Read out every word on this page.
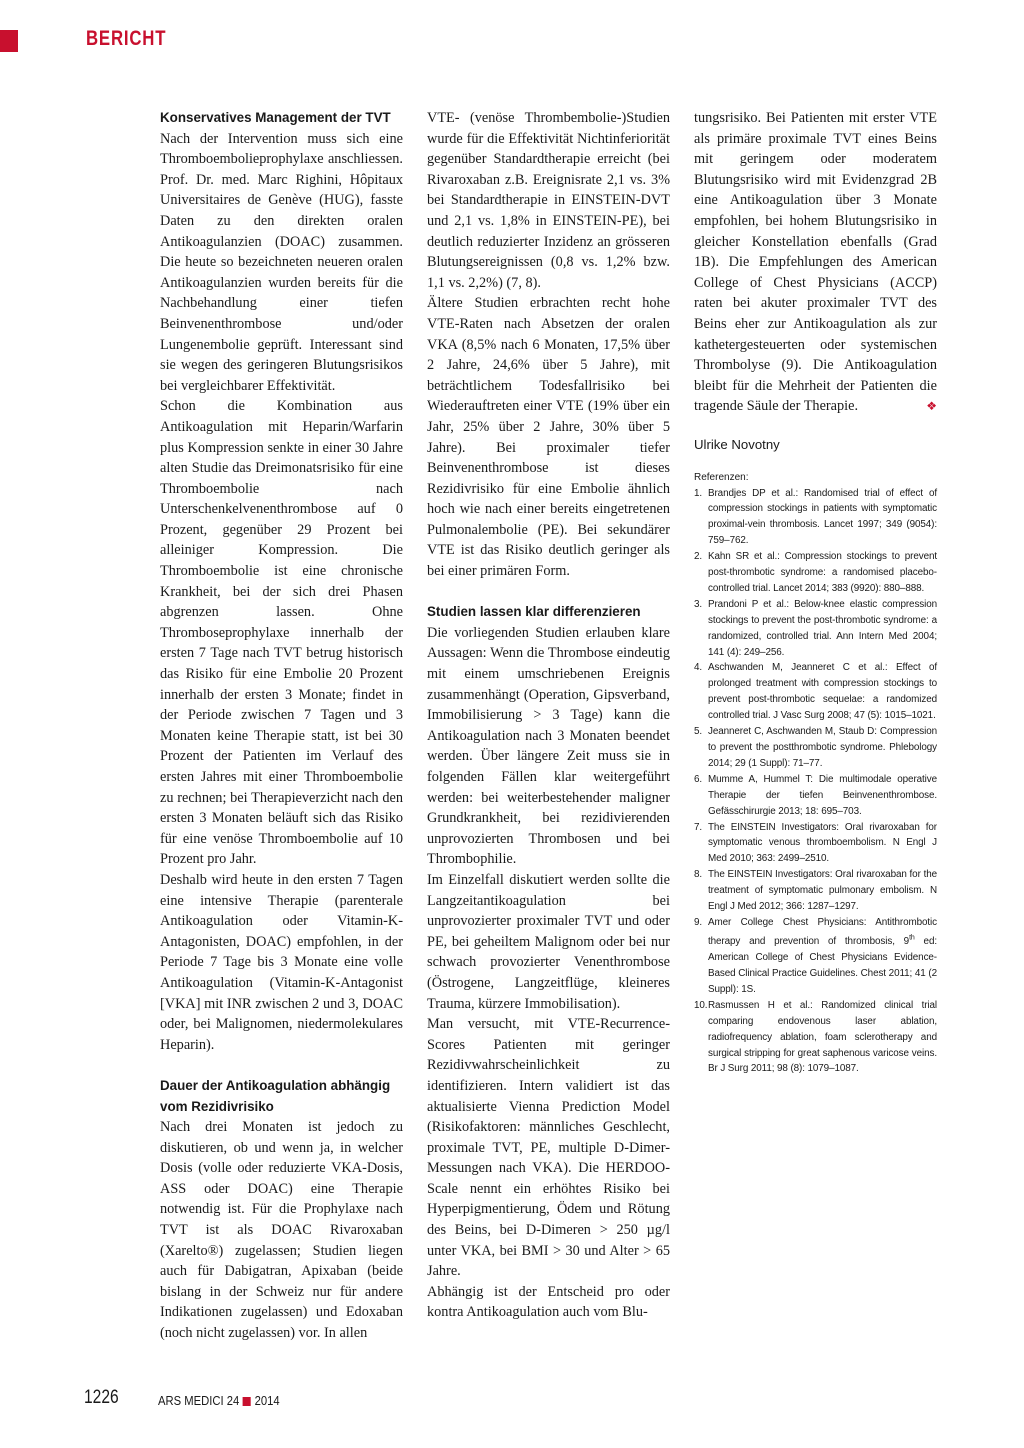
BERICHT
Konservatives Management der TVT

Nach der Intervention muss sich eine Thromboembolieprophylaxe anschliessen. Prof. Dr. med. Marc Righini, Hôpitaux Universitaires de Genève (HUG), fasste Daten zu den direkten oralen Antikoagulanzien (DOAC) zusammen. Die heute so bezeichneten neueren oralen Antikoagulanzien wurden bereits für die Nachbehandlung einer tiefen Beinvenenthrombose und/oder Lungenembolie geprüft. Interessant sind sie wegen des geringeren Blutungsrisikos bei vergleichbarer Effektivität.

Schon die Kombination aus Antikoagulation mit Heparin/Warfarin plus Kompression senkte in einer 30 Jahre alten Studie das Dreimonatsrisiko für eine Thromboembolie nach Unterschenkelvenenthrombose auf 0 Prozent, gegenüber 29 Prozent bei alleiniger Kompression. Die Thromboembolie ist eine chronische Krankheit, bei der sich drei Phasen abgrenzen lassen. Ohne Thromboseprophylaxe innerhalb der ersten 7 Tage nach TVT betrug historisch das Risiko für eine Embolie 20 Prozent innerhalb der ersten 3 Monate; findet in der Periode zwischen 7 Tagen und 3 Monaten keine Therapie statt, ist bei 30 Prozent der Patienten im Verlauf des ersten Jahres mit einer Thromboembolie zu rechnen; bei Therapieverzicht nach den ersten 3 Monaten beläuft sich das Risiko für eine venöse Thromboembolie auf 10 Prozent pro Jahr.

Deshalb wird heute in den ersten 7 Tagen eine intensive Therapie (parenterale Antikoagulation oder Vitamin-K-Antagonisten, DOAC) empfohlen, in der Periode 7 Tage bis 3 Monate eine volle Antikoagulation (Vitamin-K-Antagonist [VKA] mit INR zwischen 2 und 3, DOAC oder, bei Malignomen, niedermolekulares Heparin).

Dauer der Antikoagulation abhängig vom Rezidivrisiko

Nach drei Monaten ist jedoch zu diskutieren, ob und wenn ja, in welcher Dosis (volle oder reduzierte VKA-Dosis, ASS oder DOAC) eine Therapie notwendig ist. Für die Prophylaxe nach TVT ist als DOAC Rivaroxaban (Xarelto®) zugelassen; Studien liegen auch für Dabigatran, Apixaban (beide bislang in der Schweiz nur für andere Indikationen zugelassen) und Edoxaban (noch nicht zugelassen) vor. In allen

VTE- (venöse Thrombembolie-)Studien wurde für die Effektivität Nichtinferiorität gegenüber Standardtherapie erreicht (bei Rivaroxaban z.B. Ereignisrate 2,1 vs. 3% bei Standardtherapie in EINSTEIN-DVT und 2,1 vs. 1,8% in EINSTEIN-PE), bei deutlich reduzierter Inzidenz an grösseren Blutungsereignissen (0,8 vs. 1,2% bzw. 1,1 vs. 2,2%) (7, 8).

Ältere Studien erbrachten recht hohe VTE-Raten nach Absetzen der oralen VKA (8,5% nach 6 Monaten, 17,5% über 2 Jahre, 24,6% über 5 Jahre), mit beträchtlichem Todesfallrisiko bei Wiederauftreten einer VTE (19% über ein Jahr, 25% über 2 Jahre, 30% über 5 Jahre). Bei proximaler tiefer Beinvenenthrombose ist dieses Rezidivrisiko für eine Embolie ähnlich hoch wie nach einer bereits eingetretenen Pulmonalembolie (PE). Bei sekundärer VTE ist das Risiko deutlich geringer als bei einer primären Form.

Studien lassen klar differenzieren

Die vorliegenden Studien erlauben klare Aussagen: Wenn die Thrombose eindeutig mit einem umschriebenen Ereignis zusammenhängt (Operation, Gipsverband, Immobilisierung > 3 Tage) kann die Antikoagulation nach 3 Monaten beendet werden. Über längere Zeit muss sie in folgenden Fällen klar weitergeführt werden: bei weiterbestehender maligner Grundkrankheit, bei rezidivierenden unprovozierten Thrombosen und bei Thrombophilie.

Im Einzelfall diskutiert werden sollte die Langzeitantikoagulation bei unprovozierter proximaler TVT und oder PE, bei geheiltem Malignom oder bei nur schwach provozierter Venenthrombose (Östrogene, Langzeitflüge, kleineres Trauma, kürzere Immobilisation).

Man versucht, mit VTE-Recurrence-Scores Patienten mit geringer Rezidivwahrscheinlichkeit zu identifizieren. Intern validiert ist das aktualisierte Vienna Prediction Model (Risikofaktoren: männliches Geschlecht, proximale TVT, PE, multiple D-Dimer-Messungen nach VKA). Die HERDOO-Scale nennt ein erhöhtes Risiko bei Hyperpigmentierung, Ödem und Rötung des Beins, bei D-Dimeren > 250 µg/l unter VKA, bei BMI > 30 und Alter > 65 Jahre.

Abhängig ist der Entscheid pro oder kontra Antikoagulation auch vom Blu-

tungsrisiko. Bei Patienten mit erster VTE als primäre proximale TVT eines Beins mit geringem oder moderatem Blutungsrisiko wird mit Evidenzgrad 2B eine Antikoagulation über 3 Monate empfohlen, bei hohem Blutungsrisiko in gleicher Konstellation ebenfalls (Grad 1B). Die Empfehlungen des American College of Chest Physicians (ACCP) raten bei akuter proximaler TVT des Beins eher zur Antikoagulation als zur kathetergesteuerten oder systemischen Thrombolyse (9). Die Antikoagulation bleibt für die Mehrheit der Patienten die tragende Säule der Therapie.	❖

Ulrike Novotny

Referenzen:

1. Brandjes DP et al.: Randomised trial of effect of compression stockings in patients with symptomatic proximal-vein thrombosis. Lancet 1997; 349 (9054): 759–762.
2. Kahn SR et al.: Compression stockings to prevent post-thrombotic syndrome: a randomised placebo-controlled trial. Lancet 2014; 383 (9920): 880–888.
3. Prandoni P et al.: Below-knee elastic compression stockings to prevent the post-thrombotic syndrome: a randomized, controlled trial. Ann Intern Med 2004; 141 (4): 249–256.
4. Aschwanden M, Jeanneret C et al.: Effect of prolonged treatment with compression stockings to prevent post-thrombotic sequelae: a randomized controlled trial. J Vasc Surg 2008; 47 (5): 1015–1021.
5. Jeanneret C, Aschwanden M, Staub D: Compression to prevent the postthrombotic syndrome. Phlebology 2014; 29 (1 Suppl): 71–77.
6. Mumme A, Hummel T: Die multimodale operative Therapie der tiefen Beinvenenthrombose. Gefässchirurgie 2013; 18: 695–703.
7. The EINSTEIN Investigators: Oral rivaroxaban for symptomatic venous thromboembolism. N Engl J Med 2010; 363: 2499–2510.
8. The EINSTEIN Investigators: Oral rivaroxaban for the treatment of symptomatic pulmonary embolism. N Engl J Med 2012; 366: 1287–1297.
9. Amer College Chest Physicians: Antithrombotic therapy and prevention of thrombosis, 9th ed: American College of Chest Physicians Evidence-Based Clinical Practice Guidelines. Chest 2011; 41 (2 Suppl): 1S.
10. Rasmussen H et al.: Randomized clinical trial comparing endovenous laser ablation, radiofrequency ablation, foam sclerotherapy and surgical stripping for great saphenous varicose veins. Br J Surg 2011; 98 (8): 1079–1087.
1226	ARS MEDICI 24 2014
